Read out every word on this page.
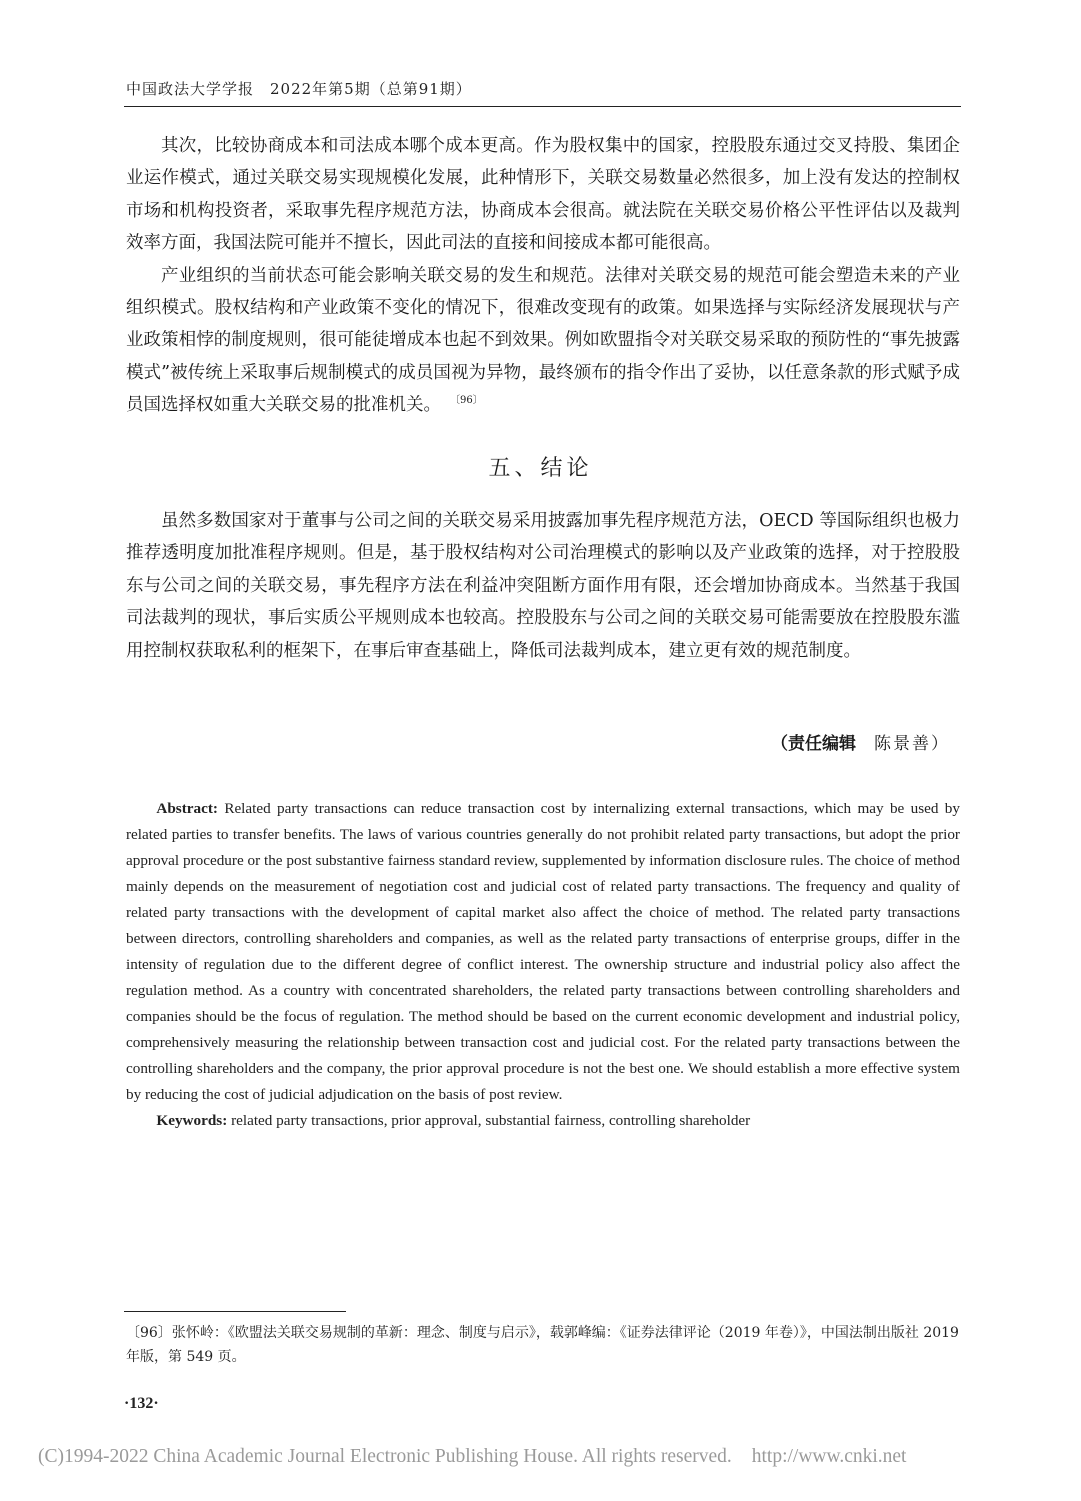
中国政法大学学报　2022年第5期（总第91期）

其次，比较协商成本和司法成本哪个成本更高。作为股权集中的国家，控股股东通过交叉持股、集团企业运作模式，通过关联交易实现规模化发展，此种情形下，关联交易数量必然很多，加上没有发达的控制权市场和机构投资者，采取事先程序规范方法，协商成本会很高。就法院在关联交易价格公平性评估以及裁判效率方面，我国法院可能并不擅长，因此司法的直接和间接成本都可能很高。

产业组织的当前状态可能会影响关联交易的发生和规范。法律对关联交易的规范可能会塑造未来的产业组织模式。股权结构和产业政策不变化的情况下，很难改变现有的政策。如果选择与实际经济发展现状与产业政策相悖的制度规则，很可能徒增成本也起不到效果。例如欧盟指令对关联交易采取的预防性的“事先披露模式”被传统上采取事后规制模式的成员国视为异物，最终颁布的指令作出了妥协，以任意条款的形式赋予成员国选择权如重大关联交易的批准机关。 $^{〔96〕}$

五、结论

虽然多数国家对于董事与公司之间的关联交易采用披露加事先程序规范方法，OECD 等国际组织也极力推荐透明度加批准程序规则。但是，基于股权结构对公司治理模式的影响以及产业政策的选择，对于控股股东与公司之间的关联交易，事先程序方法在利益冲突阻断方面作用有限，还会增加协商成本。当然基于我国司法裁判的现状，事后实质公平规则成本也较高。控股股东与公司之间的关联交易可能需要放在控股股东滥用控制权获取私利的框架下，在事后审查基础上，降低司法裁判成本，建立更有效的规范制度。

（责任编辑 陈景善）

Abstract: Related party transactions can reduce transaction cost by internalizing external transactions, which may be used by related parties to transfer benefits. The laws of various countries generally do not prohibit related party transactions, but adopt the prior approval procedure or the post substantive fairness standard review, supplemented by information disclosure rules. The choice of method mainly depends on the measurement of negotiation cost and judicial cost of related party transactions. The frequency and quality of related party transactions with the development of capital market also affect the choice of method. The related party transactions between directors, controlling shareholders and companies, as well as the related party transactions of enterprise groups, differ in the intensity of regulation due to the different degree of conflict interest. The ownership structure and industrial policy also affect the regulation method. As a country with concentrated shareholders, the related party transactions between controlling shareholders and companies should be the focus of regulation. The method should be based on the current economic development and industrial policy, comprehensively measuring the relationship between transaction cost and judicial cost. For the related party transactions between the controlling shareholders and the company, the prior approval procedure is not the best one. We should establish a more effective system by reducing the cost of judicial adjudication on the basis of post review.

Keywords: related party transactions, prior approval, substantial fairness, controlling shareholder

〔96〕张怀岭：《欧盟法关联交易规制的革新：理念、制度与启示》，载郭峰编：《证券法律评论（2019 年卷）》，中国法制出版社 2019 年版，第 549 页。
·132·
(C)1994-2022 China Academic Journal Electronic Publishing House. All rights reserved. http://www.cnki.net
